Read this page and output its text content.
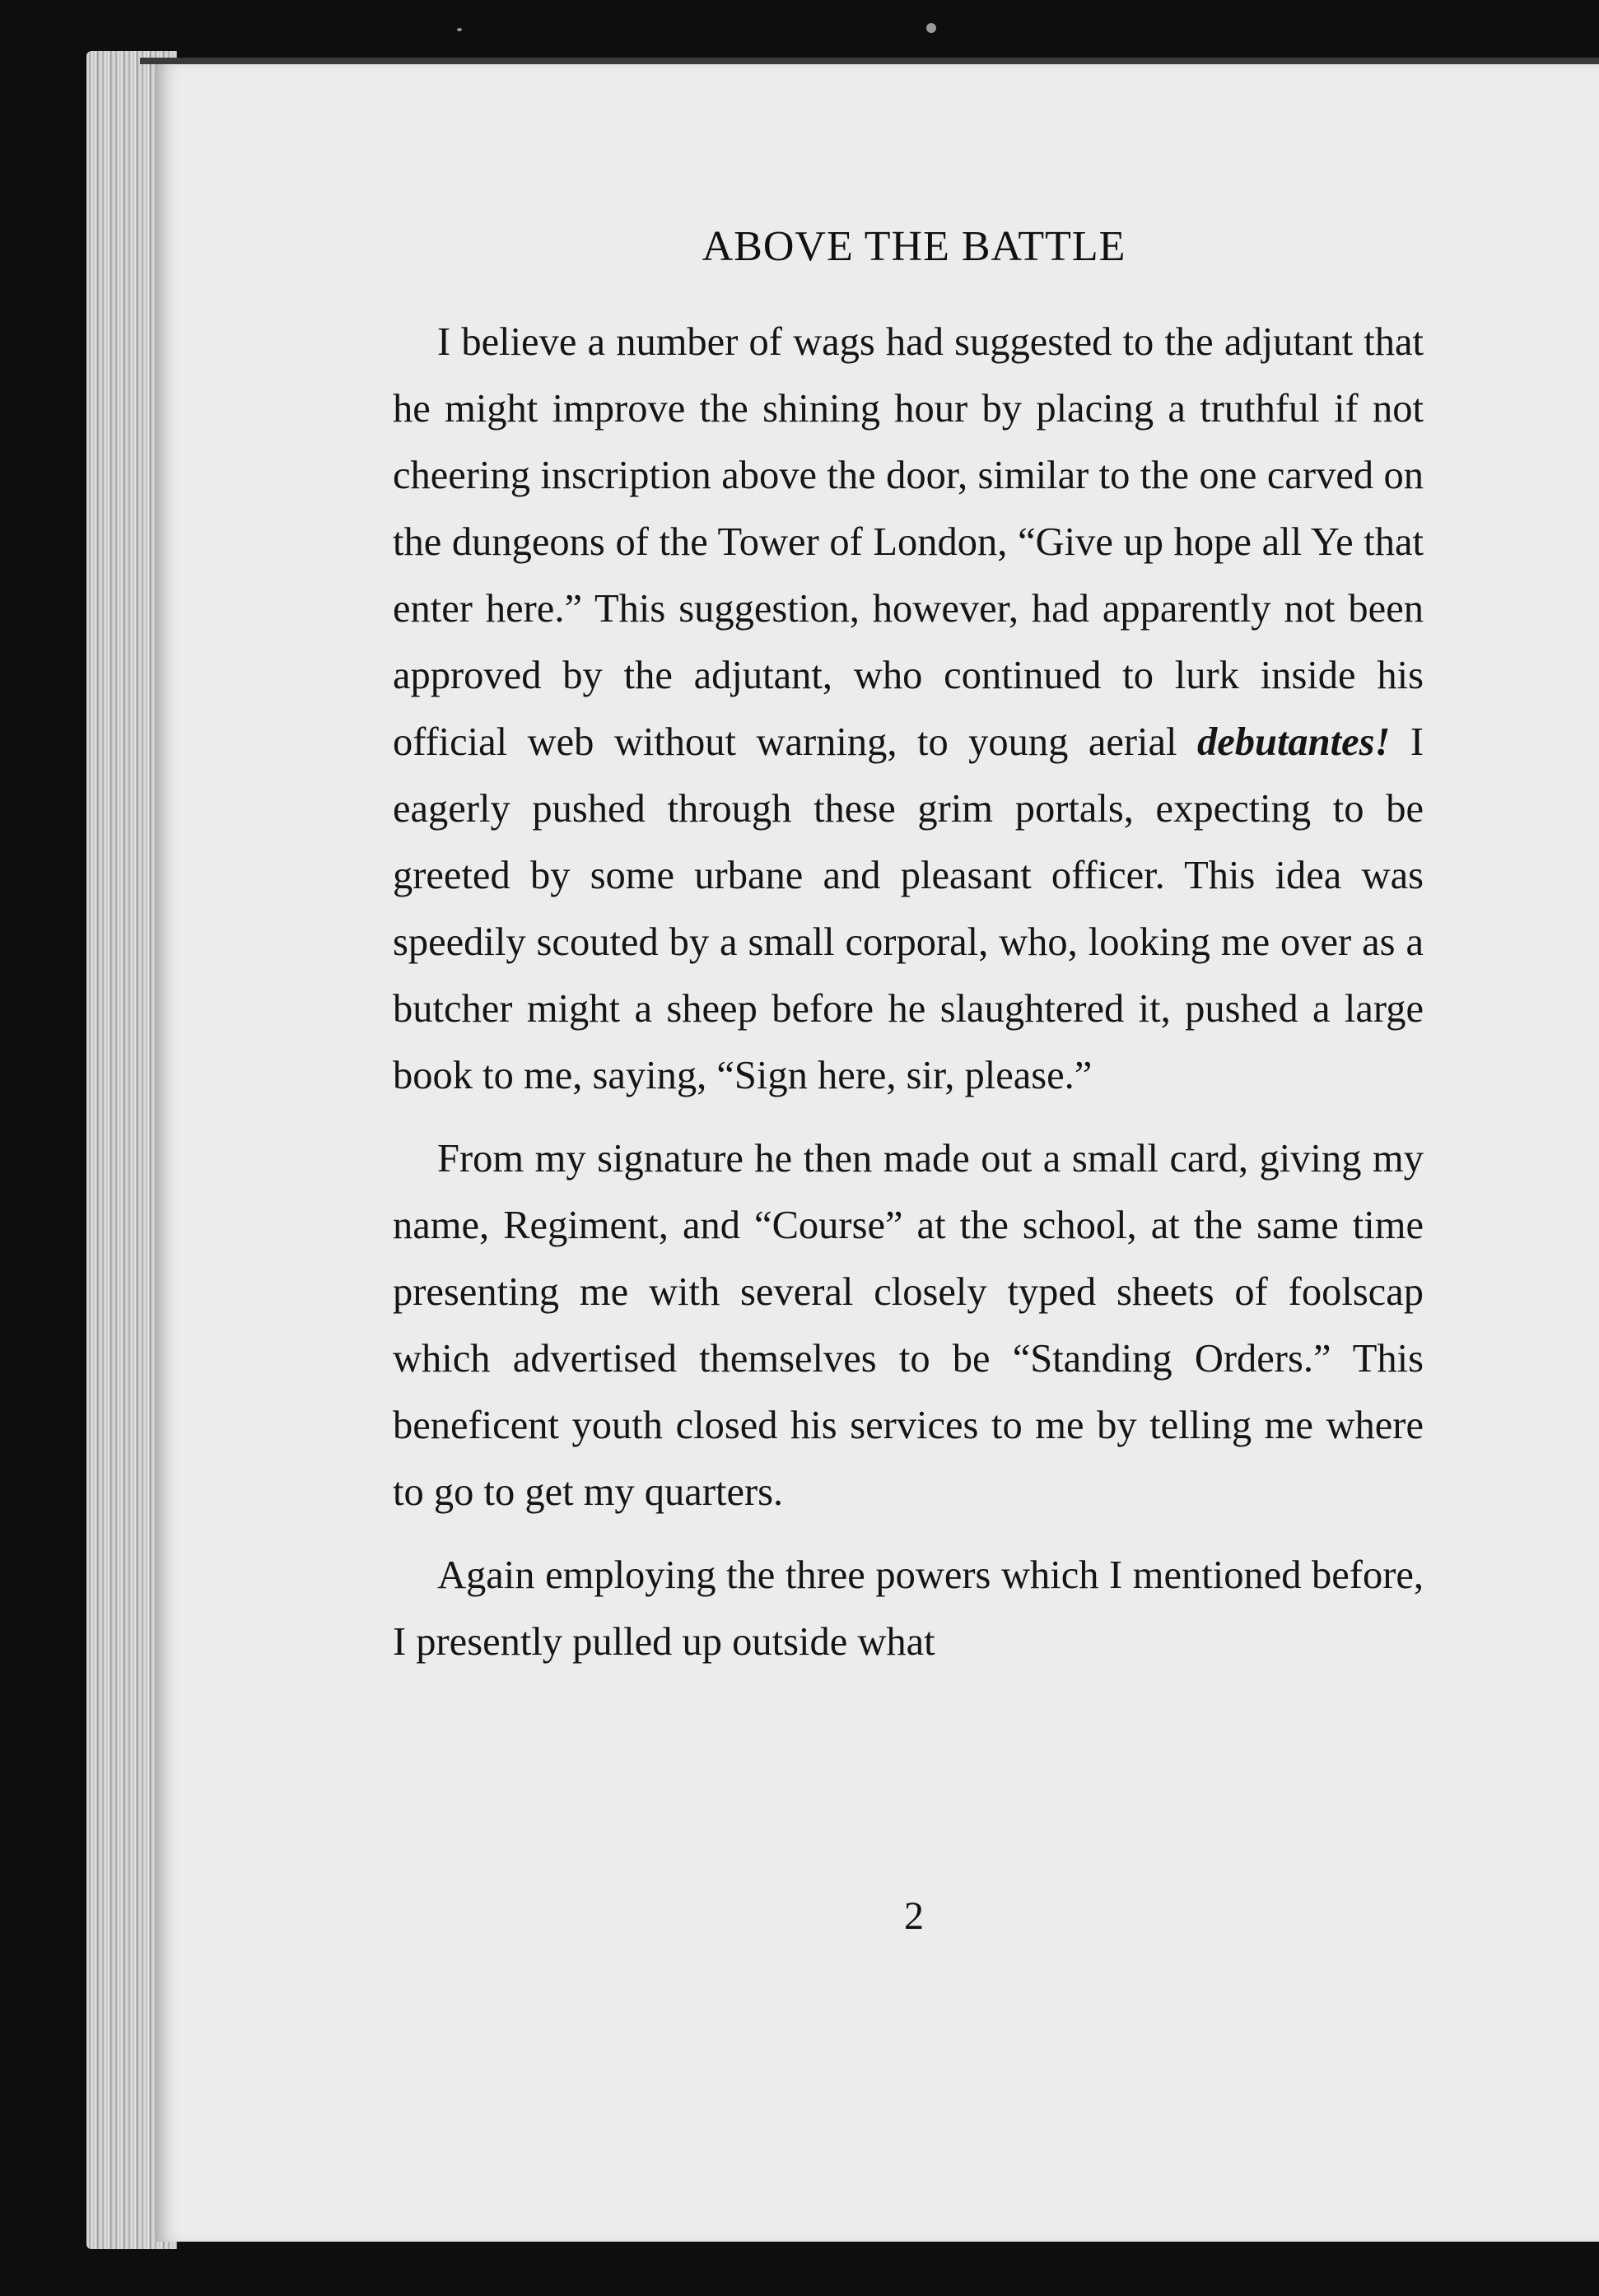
ABOVE THE BATTLE

I believe a number of wags had suggested to the adjutant that he might improve the shining hour by placing a truthful if not cheering inscription above the door, similar to the one carved on the dungeons of the Tower of London, “Give up hope all Ye that enter here.” This suggestion, however, had apparently not been approved by the adjutant, who continued to lurk inside his official web without warning, to young aerial debutantes! I eagerly pushed through these grim portals, expecting to be greeted by some urbane and pleasant officer. This idea was speedily scouted by a small corporal, who, looking me over as a butcher might a sheep before he slaughtered it, pushed a large book to me, saying, “Sign here, sir, please.”

From my signature he then made out a small card, giving my name, Regiment, and “Course” at the school, at the same time presenting me with several closely typed sheets of foolscap which advertised themselves to be “Standing Orders.” This beneficent youth closed his services to me by telling me where to go to get my quarters.

Again employing the three powers which I mentioned before, I presently pulled up outside what

2
